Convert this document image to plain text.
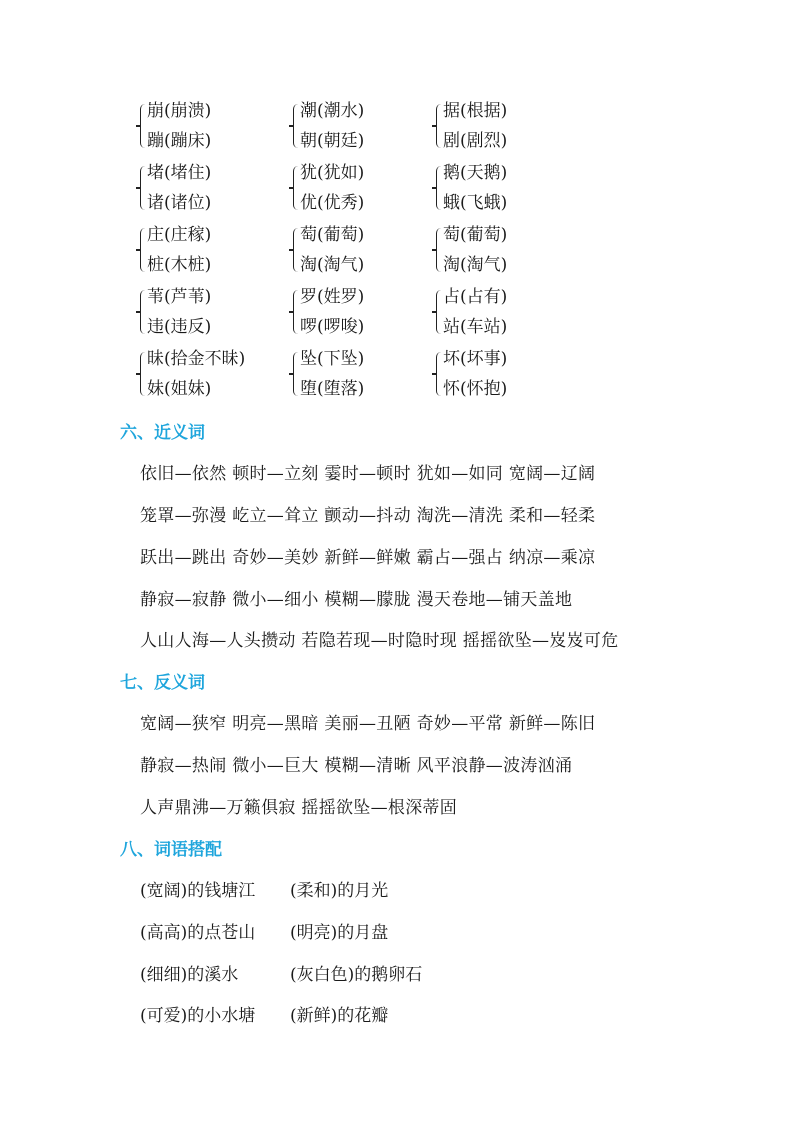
崩(崩溃)
蹦(蹦床)
潮(潮水)
朝(朝廷)
据(根据)
剧(剧烈)
堵(堵住)
诸(诸位)
犹(犹如)
优(优秀)
鹅(天鹅)
蛾(飞蛾)
庄(庄稼)
桩(木桩)
萄(葡萄)
淘(淘气)
萄(葡萄)
淘(淘气)
苇(芦苇)
违(违反)
罗(姓罗)
啰(啰唆)
占(占有)
站(车站)
昧(拾金不昧)
妹(姐妹)
坠(下坠)
堕(堕落)
坏(坏事)
怀(怀抱)
六、近义词
依旧—依然 顿时—立刻 霎时—顿时 犹如—如同 宽阔—辽阔
笼罩—弥漫 屹立—耸立 颤动—抖动 淘洗—清洗 柔和—轻柔
跃出—跳出 奇妙—美妙 新鲜—鲜嫩 霸占—强占 纳凉—乘凉
静寂—寂静 微小—细小 模糊—朦胧 漫天卷地—铺天盖地
人山人海—人头攒动 若隐若现—时隐时现 摇摇欲坠—岌岌可危
七、反义词
宽阔—狭窄 明亮—黑暗 美丽—丑陋 奇妙—平常 新鲜—陈旧
静寂—热闹 微小—巨大 模糊—清晰 风平浪静—波涛汹涌
人声鼎沸—万籁俱寂 摇摇欲坠—根深蒂固
八、词语搭配
(宽阔)的钱塘江 (柔和)的月光
(高高)的点苍山 (明亮)的月盘
(细细)的溪水	(灰白色)的鹅卵石
(可爱)的小水塘 (新鲜)的花瓣
